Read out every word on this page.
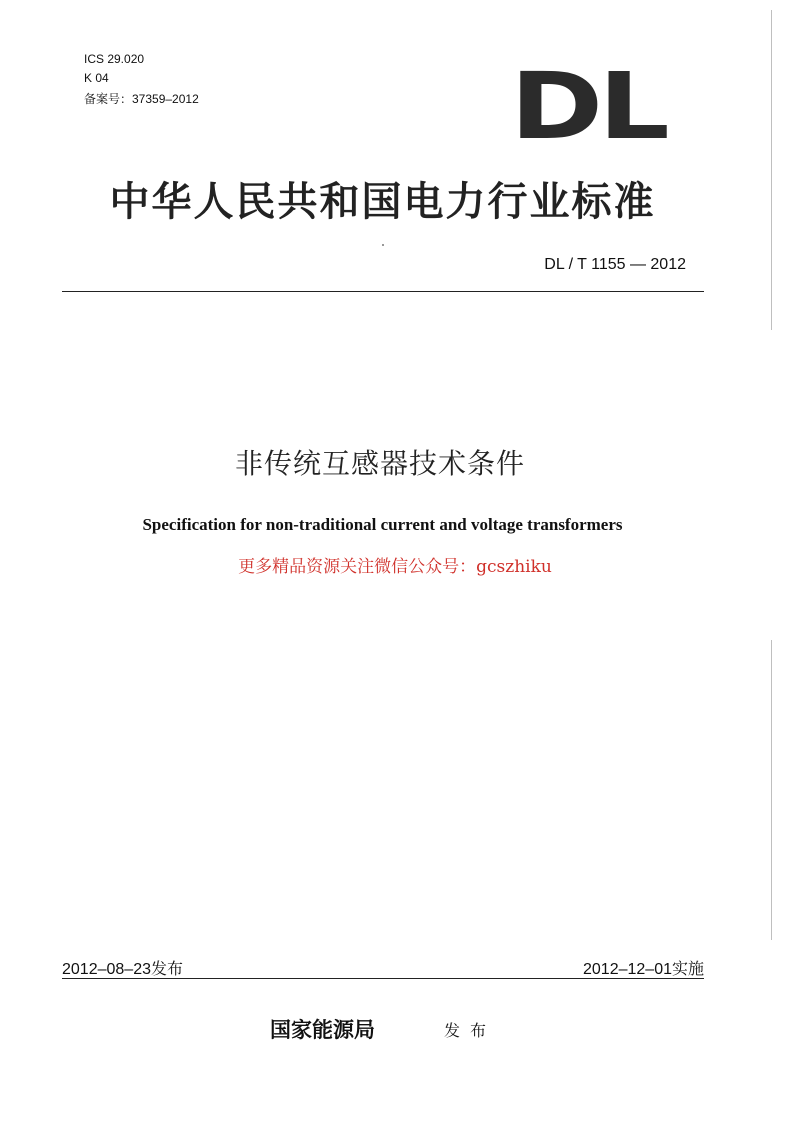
ICS 29.020
K 04
备案号：37359–2012	DL
中华人民共和国电力行业标准
DL / T 1155 — 2012
非传统互感器技术条件
Specification for non-traditional current and voltage transformers
更多精品资源关注微信公众号：gcszhiku
2012–08–23发布	2012–12–01实施
国家能源局	发布
